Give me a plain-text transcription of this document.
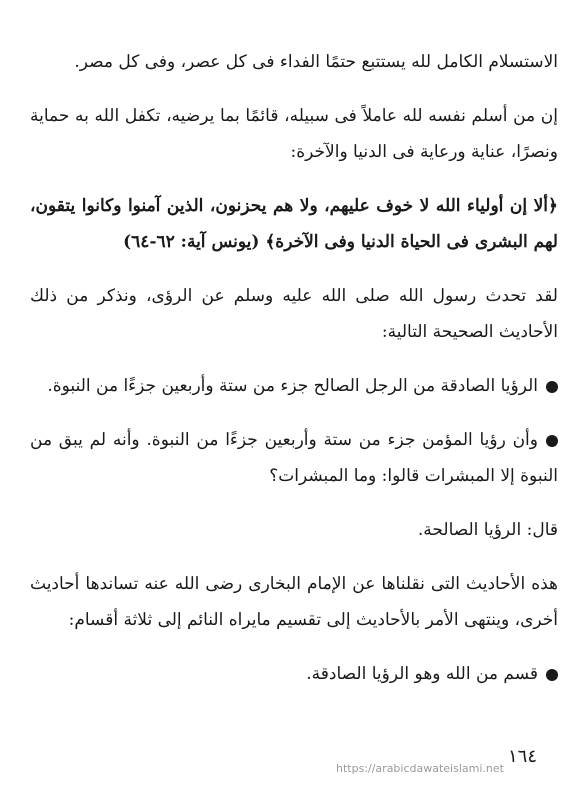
الاستسلام الكامل لله يستتبع حتمًا الفداء فى كل عصر، وفى كل مصر.

إن من أسلم نفسه لله عاملاً فى سبيله، قائمًا بما يرضيه، تكفل الله به حماية ونصرًا، عناية ورعاية فى الدنيا والآخرة:

﴿ألا إن أولياء الله لا خوف عليهم، ولا هم يحزنون، الذين آمنوا وكانوا يتقون، لهم البشرى فى الحياة الدنيا وفى الآخرة﴾ (يونس آية: ٦٢-٦٤)

لقد تحدث رسول الله صلى الله عليه وسلم عن الرؤى، ونذكر من ذلك الأحاديث الصحيحة التالية:

الرؤيا الصادقة من الرجل الصالح جزء من ستة وأربعين جزءًا من النبوة.

وأن رؤيا المؤمن جزء من ستة وأربعين جزءًا من النبوة. وأنه لم يبق من النبوة إلا المبشرات قالوا: وما المبشرات؟

قال: الرؤيا الصالحة.

هذه الأحاديث التى نقلناها عن الإمام البخارى رضى الله عنه تساندها أحاديث أخرى، وينتهى الأمر بالأحاديث إلى تقسيم مايراه النائم إلى ثلاثة أقسام:

قسم من الله وهو الرؤيا الصادقة.

١٦٤
https://arabicdawateislami.net
